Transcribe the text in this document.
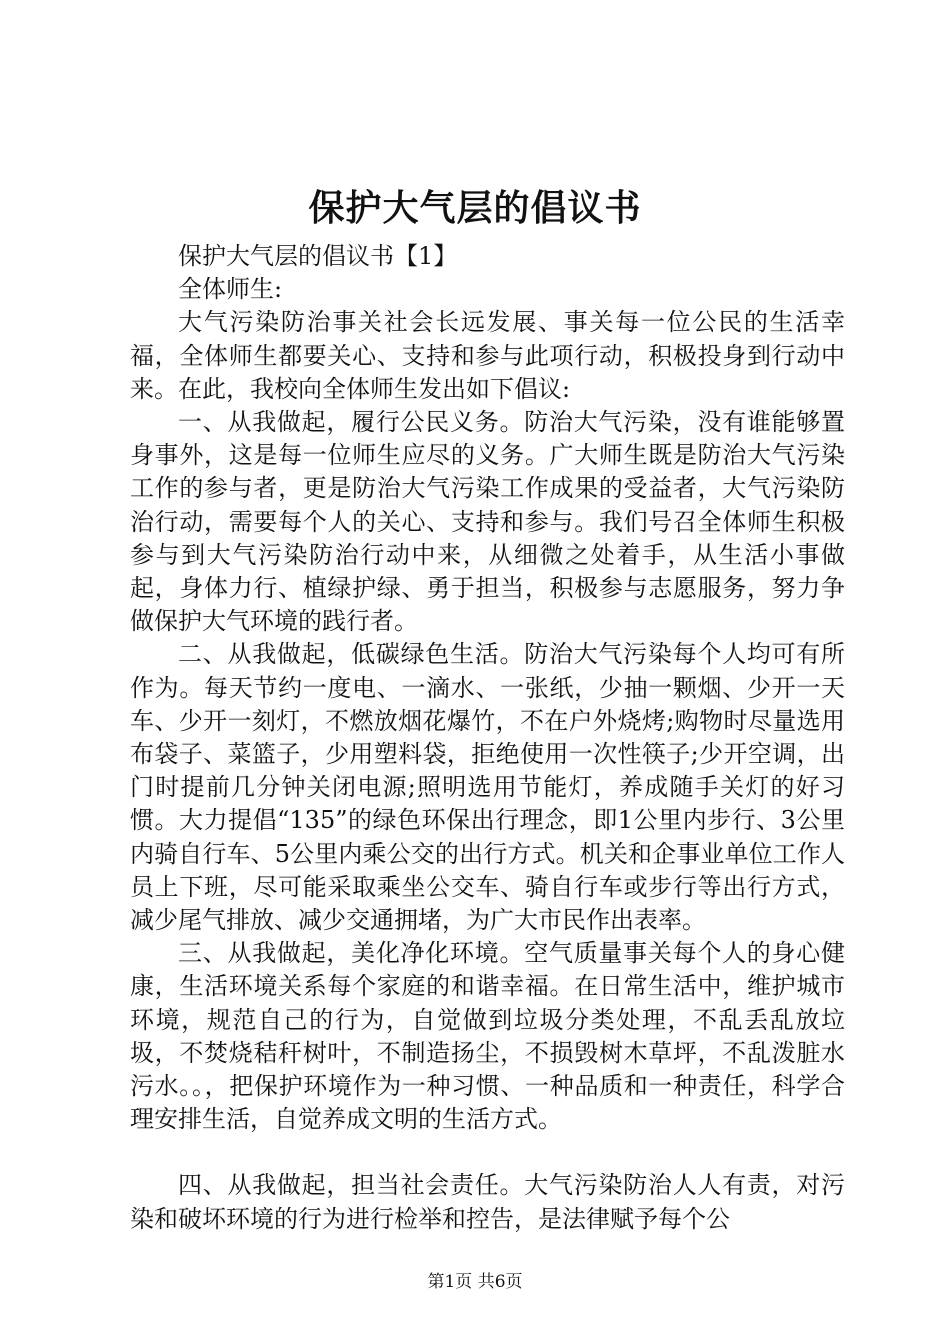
保护大气层的倡议书

保护大气层的倡议书【1】

全体师生:

大气污染防治事关社会长远发展、事关每一位公民的生活幸福，全体师生都要关心、支持和参与此项行动，积极投身到行动中来。在此，我校向全体师生发出如下倡议:

一、从我做起，履行公民义务。防治大气污染，没有谁能够置身事外，这是每一位师生应尽的义务。广大师生既是防治大气污染工作的参与者，更是防治大气污染工作成果的受益者，大气污染防治行动，需要每个人的关心、支持和参与。我们号召全体师生积极参与到大气污染防治行动中来，从细微之处着手，从生活小事做起，身体力行、植绿护绿、勇于担当，积极参与志愿服务，努力争做保护大气环境的践行者。

二、从我做起，低碳绿色生活。防治大气污染每个人均可有所作为。每天节约一度电、一滴水、一张纸，少抽一颗烟、少开一天车、少开一刻灯，不燃放烟花爆竹，不在户外烧烤;购物时尽量选用布袋子、菜篮子，少用塑料袋，拒绝使用一次性筷子;少开空调，出门时提前几分钟关闭电源;照明选用节能灯，养成随手关灯的好习惯。大力提倡“135”的绿色环保出行理念，即1公里内步行、3公里内骑自行车、5公里内乘公交的出行方式。机关和企事业单位工作人员上下班，尽可能采取乘坐公交车、骑自行车或步行等出行方式，减少尾气排放、减少交通拥堵，为广大市民作出表率。

三、从我做起，美化净化环境。空气质量事关每个人的身心健康，生活环境关系每个家庭的和谐幸福。在日常生活中，维护城市环境，规范自己的行为，自觉做到垃圾分类处理，不乱丢乱放垃圾，不焚烧秸秆树叶，不制造扬尘，不损毁树木草坪，不乱泼脏水污水。。，把保护环境作为一种习惯、一种品质和一种责任，科学合理安排生活，自觉养成文明的生活方式。

四、从我做起，担当社会责任。大气污染防治人人有责，对污染和破坏环境的行为进行检举和控告，是法律赋予每个公

第1页 共6页
